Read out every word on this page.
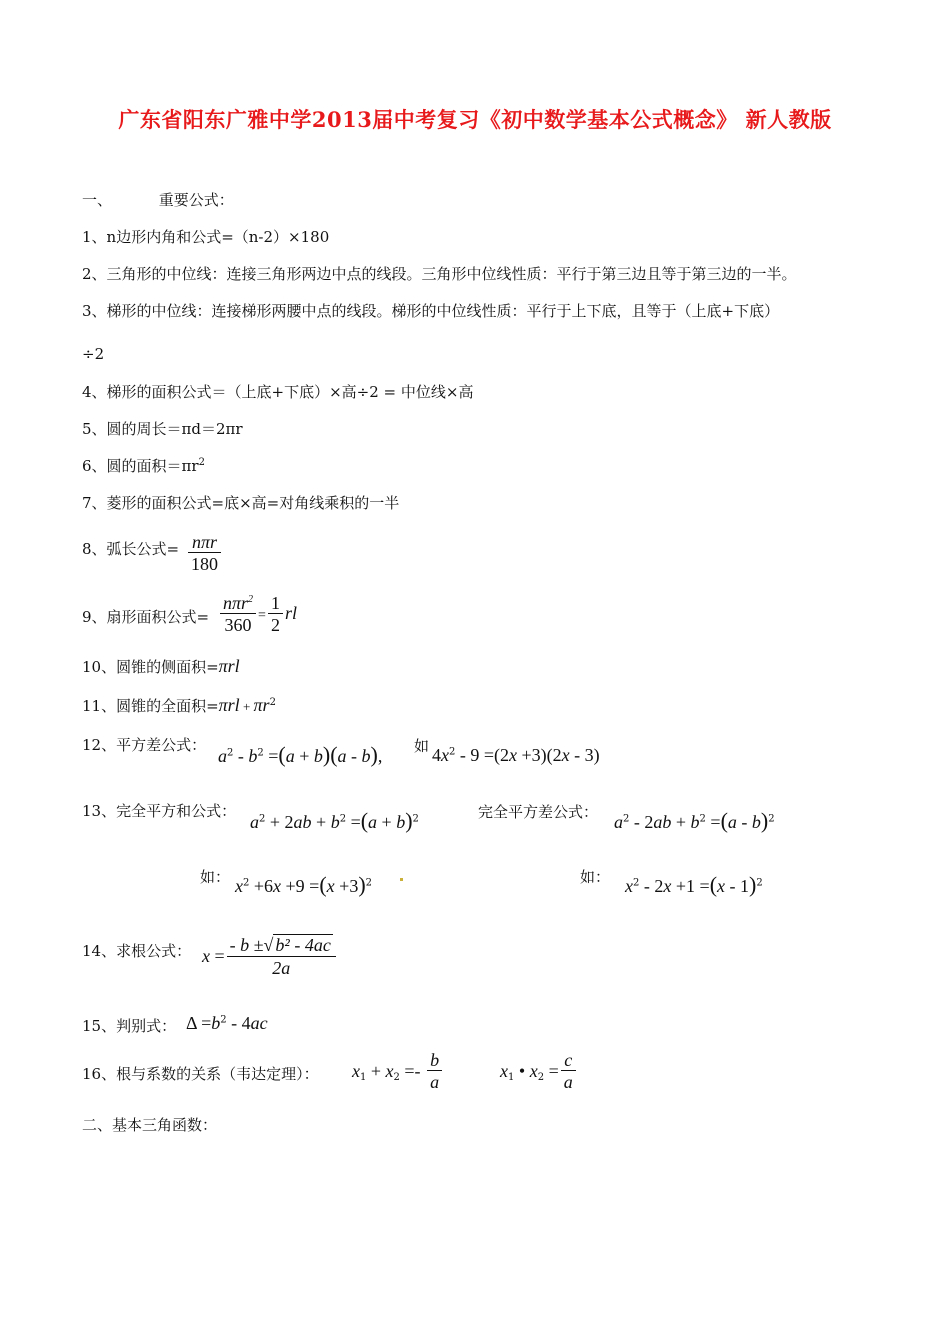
广东省阳东广雅中学2013届中考复习《初中数学基本公式概念》 新人教版
一、	重要公式：
1、n边形内角和公式=（n-2）×180
2、三角形的中位线：连接三角形两边中点的线段。三角形中位线性质：平行于第三边且等于第三边的一半。
3、梯形的中位线：连接梯形两腰中点的线段。梯形的中位线性质：平行于上下底，且等于（上底+下底）
÷2
4、梯形的面积公式＝（上底+下底）×高÷2 = 中位线×高
5、圆的周长＝πd＝2πr
6、圆的面积$=\pi r^2$
7、菱形的面积公式=底×高=对角线乘积的一半
8、弧长公式= $\frac{\text{nπr}}{180}$
9、扇形面积公式= $\frac{n\pi r^2}{360} = \frac{1}{2}$ rl
10、圆锥的侧面积=πrl
11、圆锥的全面积$=\pi rl + \pi r^2$
12、平方差公式：
$a^2 - b^2 =(a + b)(a - b)$, 如 $4x^2 - 9 =(2x +3)(2x - 3)$
13、完全平方和公式：
$a^2 + 2ab + b^2 =(a + b)^2$	完全平方差公式： $a^2 - 2ab + b^2 =(a - b)^2$
如： $x^2 +6x +9 =(x +3)^2$	如： $x^2 - 2x +1 =(x - 1)^2$
14、求根公式： $x = \frac{\text{- b ±√ b² - 4ac}}{2a}$
15、判别式： $\Delta =b^2 - 4ac$
16、根与系数的关系（韦达定理）： $x_1 + x_2 =- \frac{b}{a}$	$x_1$ • $x_2 = \frac{c}{a}$
二、基本三角函数：
